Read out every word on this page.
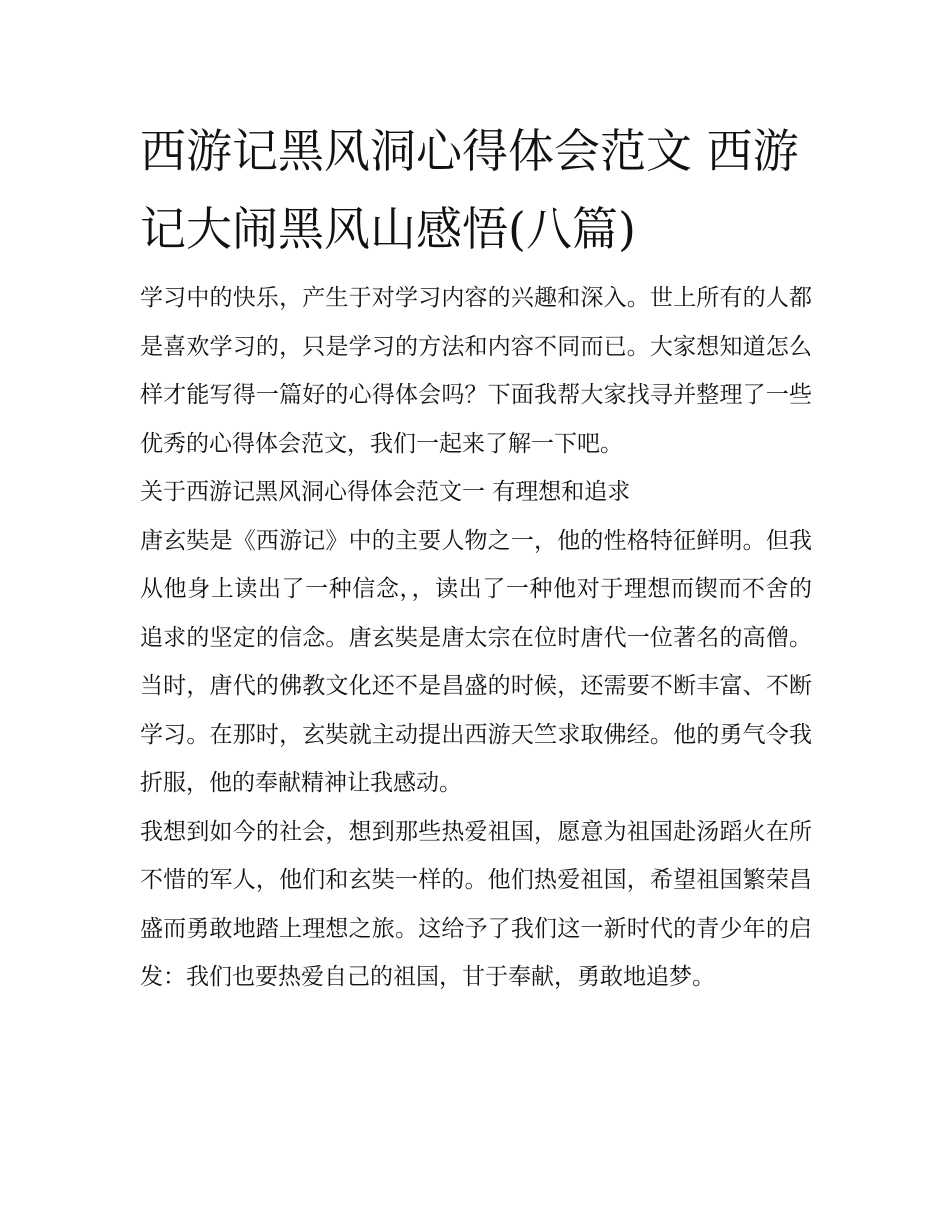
西游记黑风洞心得体会范文 西游记大闹黑风山感悟(八篇)

学习中的快乐，产生于对学习内容的兴趣和深入。世上所有的人都是喜欢学习的，只是学习的方法和内容不同而已。大家想知道怎么样才能写得一篇好的心得体会吗？下面我帮大家找寻并整理了一些优秀的心得体会范文，我们一起来了解一下吧。

关于西游记黑风洞心得体会范文一 有理想和追求

唐玄奘是《西游记》中的主要人物之一，他的性格特征鲜明。但我从他身上读出了一种信念，，读出了一种他对于理想而锲而不舍的追求的坚定的信念。唐玄奘是唐太宗在位时唐代一位著名的高僧。当时，唐代的佛教文化还不是昌盛的时候，还需要不断丰富、不断学习。在那时，玄奘就主动提出西游天竺求取佛经。他的勇气令我折服，他的奉献精神让我感动。

我想到如今的社会，想到那些热爱祖国，愿意为祖国赴汤蹈火在所不惜的军人，他们和玄奘一样的。他们热爱祖国，希望祖国繁荣昌盛而勇敢地踏上理想之旅。这给予了我们这一新时代的青少年的启发：我们也要热爱自己的祖国，甘于奉献，勇敢地追梦。
